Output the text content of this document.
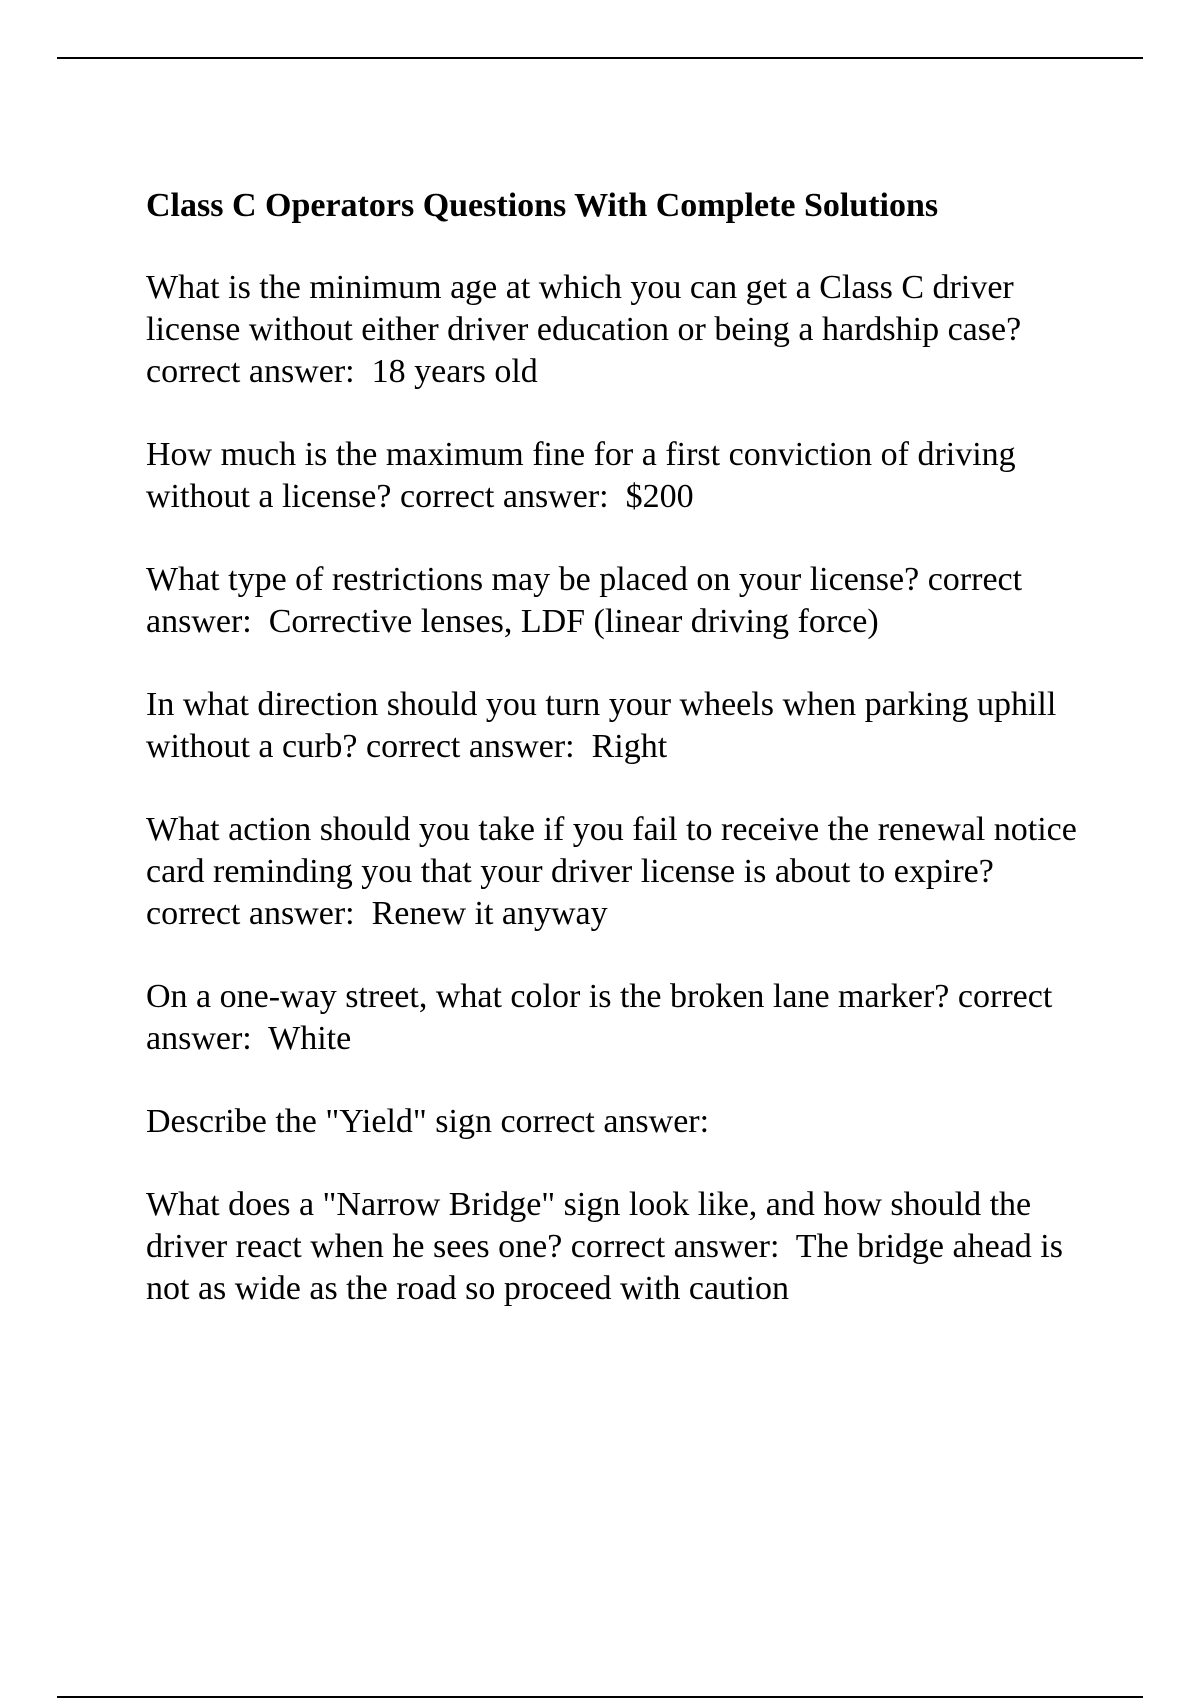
Class C Operators Questions With Complete Solutions

What is the minimum age at which you can get a Class C driver license without either driver education or being a hardship case? correct answer: 18 years old

How much is the maximum fine for a first conviction of driving without a license? correct answer: $200

What type of restrictions may be placed on your license? correct answer: Corrective lenses, LDF (linear driving force)

In what direction should you turn your wheels when parking uphill without a curb? correct answer: Right

What action should you take if you fail to receive the renewal notice card reminding you that your driver license is about to expire? correct answer: Renew it anyway

On a one-way street, what color is the broken lane marker? correct answer: White

Describe the "Yield" sign correct answer:

What does a "Narrow Bridge" sign look like, and how should the driver react when he sees one? correct answer: The bridge ahead is not as wide as the road so proceed with caution
